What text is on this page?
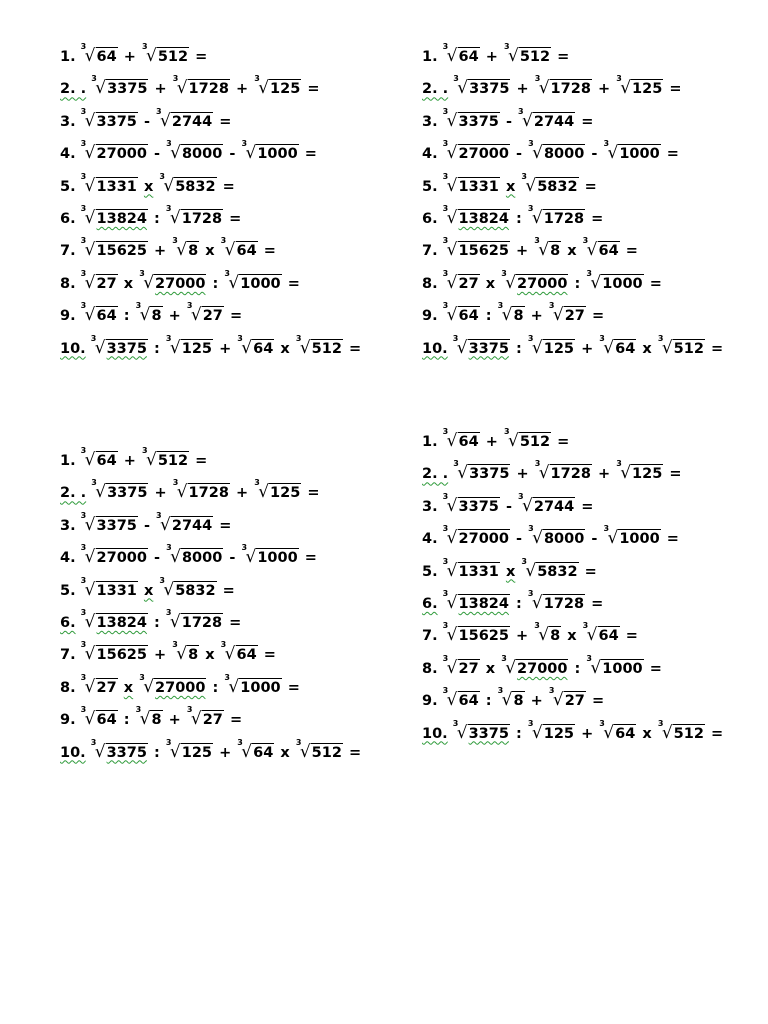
1.
3
√64 +
3
√512 =
2. .
3
√3375 +
3
√1728 +
3
√125 =
3.
3
√3375 -
3
√2744 =
4.
3
√27000 -
3
√8000 -
3
√1000 =
5.
3
√1331 x
3
√5832 =
6.
3
√13824 :
3
√1728 =
7.
3
√15625 +
3
√8 x
3
√64 =
8.
3
√27 x
3
√27000 :
3
√1000 =
9.
3
√64 :
3
√8 +
3
√27 =
10.
3
√3375 :
3
√125 +
3
√64 x
3
√512 =
1.
3
√64 +
3
√512 =
2. .
3
√3375 +
3
√1728 +
3
√125 =
3.
3
√3375 -
3
√2744 =
4.
3
√27000 -
3
√8000 -
3
√1000 =
5.
3
√1331 x
3
√5832 =
6.
3
√13824 :
3
√1728 =
7.
3
√15625 +
3
√8 x
3
√64 =
8.
3
√27 x
3
√27000 :
3
√1000 =
9.
3
√64 :
3
√8 +
3
√27 =
10.
3
√3375 :
3
√125 +
3
√64 x
3
√512 =
1.
3
√64 +
3
√512 =
2. .
3
√3375 +
3
√1728 +
3
√125 =
3.
3
√3375 -
3
√2744 =
4.
3
√27000 -
3
√8000 -
3
√1000 =
5.
3
√1331 x
3
√5832 =
6.
3
√13824 :
3
√1728 =
7.
3
√15625 +
3
√8 x
3
√64 =
8.
3
√27 x
3
√27000 :
3
√1000 =
9.
3
√64 :
3
√8 +
3
√27 =
10.
3
√3375 :
3
√125 +
3
√64 x
3
√512 =
1.
3
√64 +
3
√512 =
2. .
3
√3375 +
3
√1728 +
3
√125 =
3.
3
√3375 -
3
√2744 =
4.
3
√27000 -
3
√8000 -
3
√1000 =
5.
3
√1331 x
3
√5832 =
6.
3
√13824 :
3
√1728 =
7.
3
√15625 +
3
√8 x
3
√64 =
8.
3
√27 x
3
√27000 :
3
√1000 =
9.
3
√64 :
3
√8 +
3
√27 =
10.
3
√3375 :
3
√125 +
3
√64 x
3
√512 =
